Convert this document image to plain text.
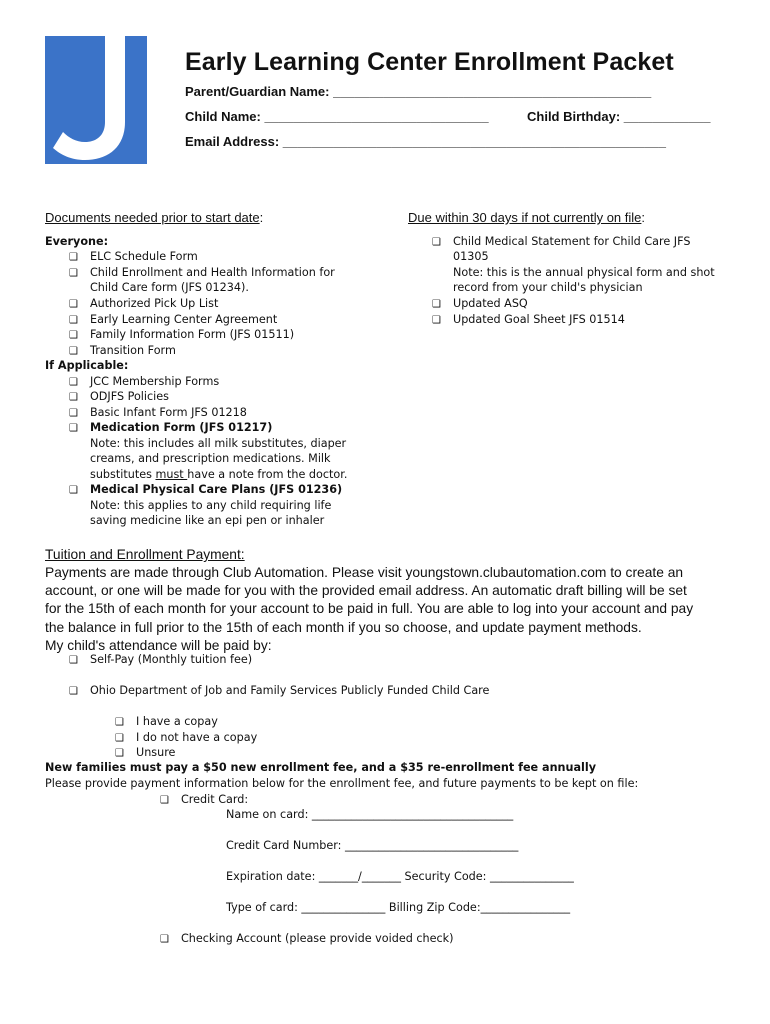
Early Learning Center Enrollment Packet
Parent/Guardian Name: ____________________________________________
Child Name: _______________________________	Child Birthday: ____________
Email Address: _____________________________________________________
Documents needed prior to start date:	Due within 30 days if not currently on file:
Everyone:
❑ ELC Schedule Form
❑ Child Enrollment and Health Information for
Child Care form (JFS 01234).
❑ Authorized Pick Up List
❑ Early Learning Center Agreement
❑ Family Information Form (JFS 01511)
❑ Transition Form
If Applicable:
❑ JCC Membership Forms
❑ ODJFS Policies
❑ Basic Infant Form JFS 01218
❑ Medication Form (JFS 01217)
Note: this includes all milk substitutes, diaper
creams, and prescription medications. Milk
substitutes must have a note from the doctor.
❑ Medical Physical Care Plans (JFS 01236)
Note: this applies to any child requiring life
saving medicine like an epi pen or inhaler
❑ Child Medical Statement for Child Care JFS
01305
Note: this is the annual physical form and shot
record from your child's physician
❑ Updated ASQ
❑ Updated Goal Sheet JFS 01514
Tuition and Enrollment Payment:
Payments are made through Club Automation. Please visit youngstown.clubautomation.com to create an
account, or one will be made for you with the provided email address. An automatic draft billing will be set
for the 15th of each month for your account to be paid in full. You are able to log into your account and pay
the balance in full prior to the 15th of each month if you so choose, and update payment methods.
My child's attendance will be paid by:
❑ Self-Pay (Monthly tuition fee)
❑ Ohio Department of Job and Family Services Publicly Funded Child Care
❑ I have a copay
❑ I do not have a copay
❑ Unsure
New families must pay a $50 new enrollment fee, and a $35 re-enrollment fee annually
Please provide payment information below for the enrollment fee, and future payments to be kept on file:
❑ Credit Card:
Name on card: ____________________________________
Credit Card Number: _______________________________
Expiration date: _______/_______ Security Code: _______________
Type of card: _______________ Billing Zip Code:________________
❑ Checking Account (please provide voided check)
